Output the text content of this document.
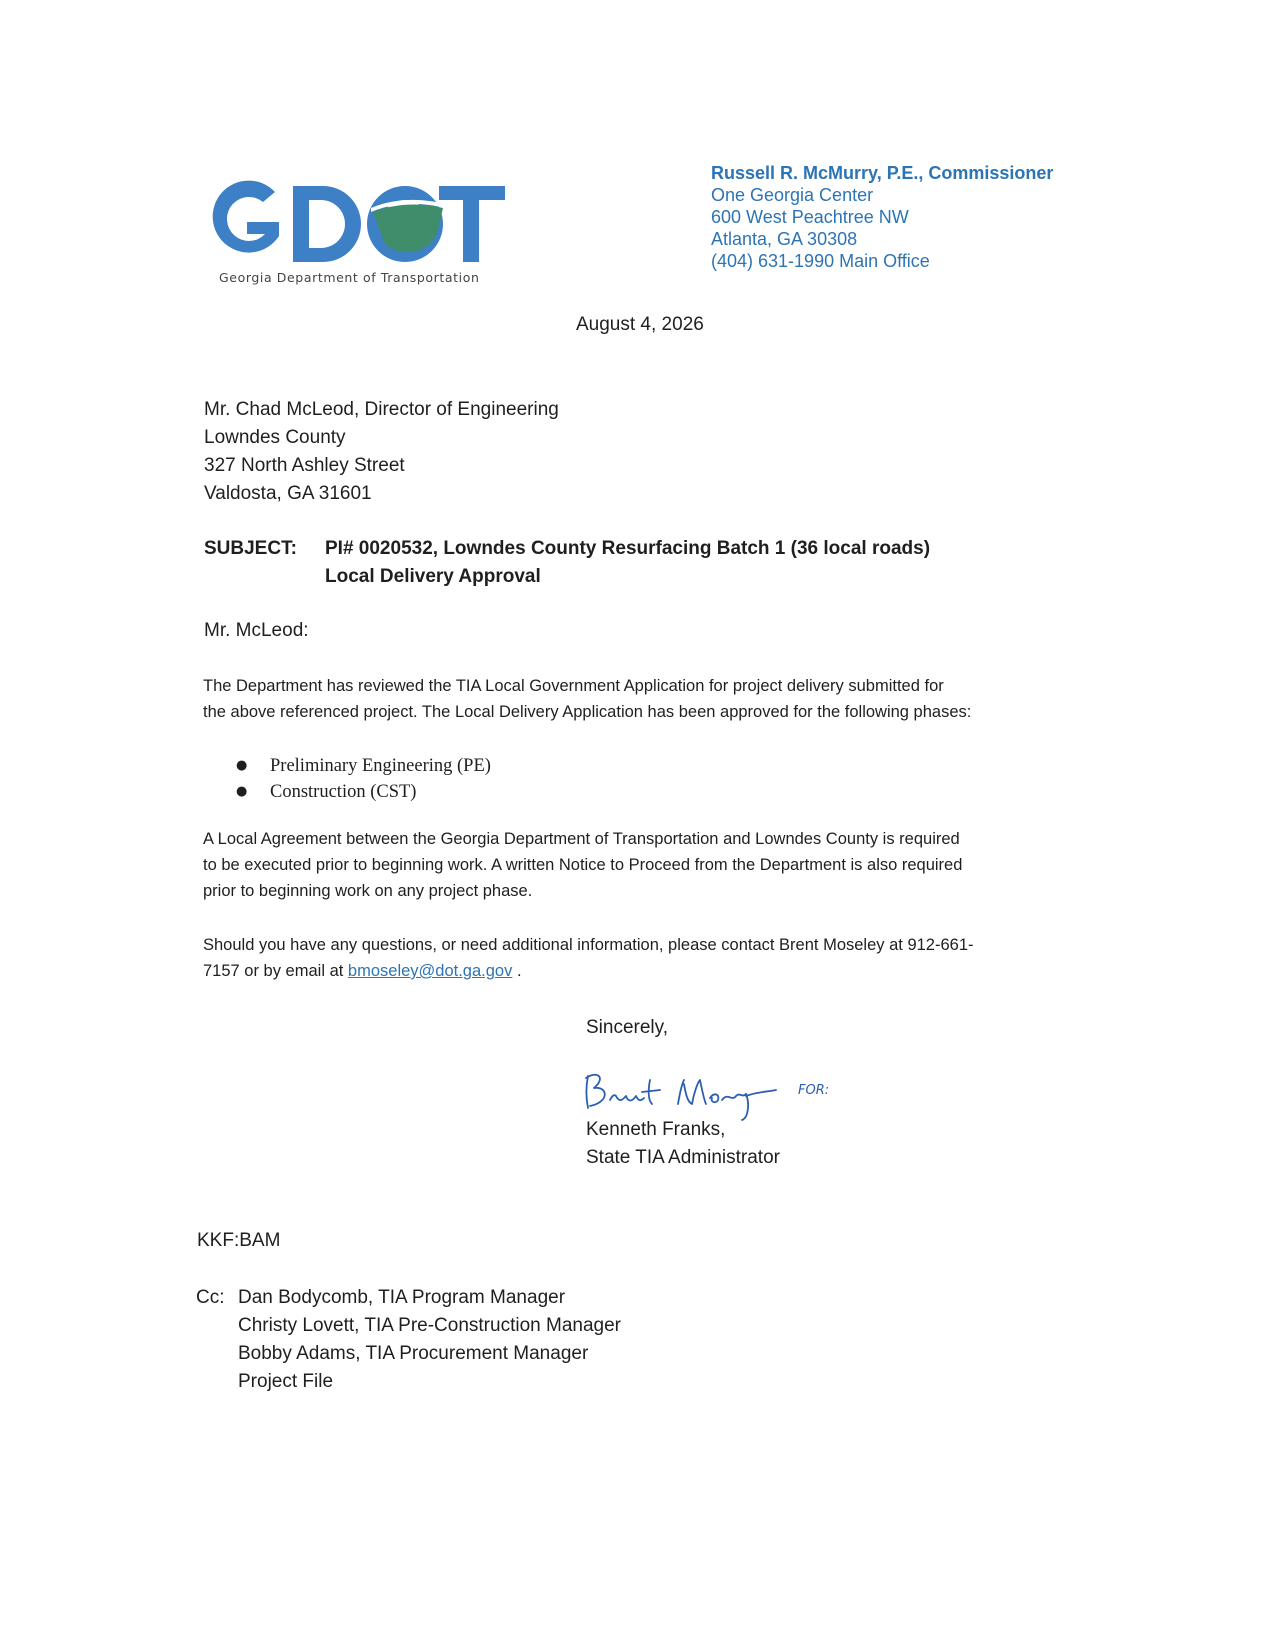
Georgia Department of Transportation
Russell R. McMurry, P.E., Commissioner
One Georgia Center
600 West Peachtree NW
Atlanta, GA 30308
(404) 631-1990 Main Office
August 4, 2026
Mr. Chad McLeod, Director of Engineering
Lowndes County
327 North Ashley Street
Valdosta, GA 31601
SUBJECT: PI# 0020532, Lowndes County Resurfacing Batch 1 (36 local roads)
Local Delivery Approval
Mr. McLeod:
The Department has reviewed the TIA Local Government Application for project delivery submitted for
the above referenced project. The Local Delivery Application has been approved for the following phases:
● Preliminary Engineering (PE)
● Construction (CST)
A Local Agreement between the Georgia Department of Transportation and Lowndes County is required
to be executed prior to beginning work. A written Notice to Proceed from the Department is also required
prior to beginning work on any project phase.
Should you have any questions, or need additional information, please contact Brent Moseley at 912-661-
7157 or by email at bmoseley@dot.ga.gov .
Sincerely,
FOR:
Kenneth Franks,
State TIA Administrator
KKF:BAM
Cc: Dan Bodycomb, TIA Program Manager
Christy Lovett, TIA Pre-Construction Manager
Bobby Adams, TIA Procurement Manager
Project File
